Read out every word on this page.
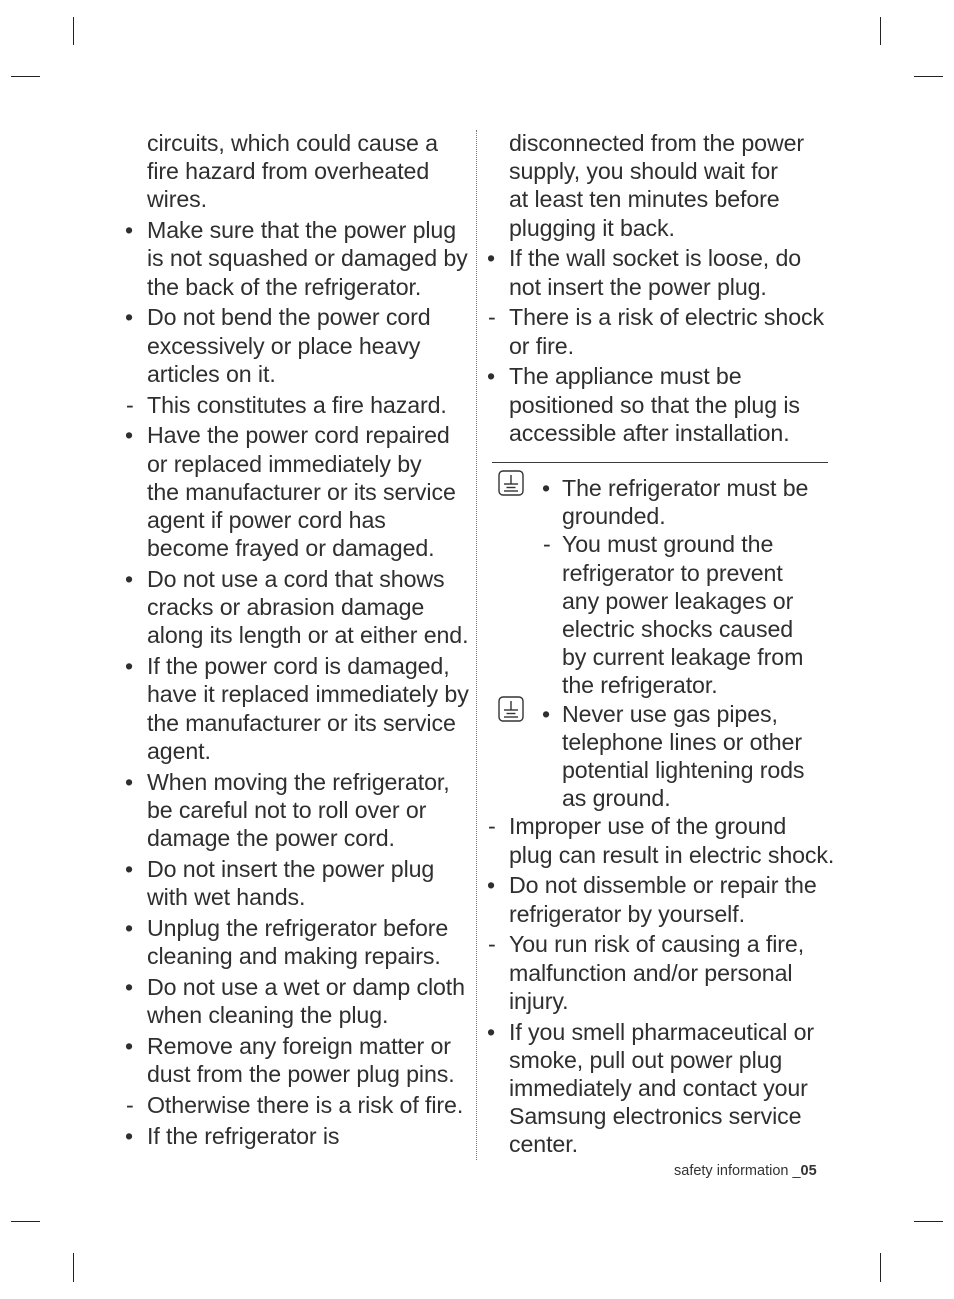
circuits, which could cause a
fire hazard from overheated
wires.
• Make sure that the power plug
is not squashed or damaged by
the back of the refrigerator.
• Do not bend the power cord
excessively or place heavy
articles on it.
- This constitutes a fire hazard.
• Have the power cord repaired
or replaced immediately by
the manufacturer or its service
agent if power cord has
become frayed or damaged.
• Do not use a cord that shows
cracks or abrasion damage
along its length or at either end.
• If the power cord is damaged,
have it replaced immediately by
the manufacturer or its service
agent.
• When moving the refrigerator,
be careful not to roll over or
damage the power cord.
• Do not insert the power plug
with wet hands.
• Unplug the refrigerator before
cleaning and making repairs.
• Do not use a wet or damp cloth
when cleaning the plug.
• Remove any foreign matter or
dust from the power plug pins.
- Otherwise there is a risk of fire.
• If the refrigerator is
disconnected from the power
supply, you should wait for
at least ten minutes before
plugging it back.
• If the wall socket is loose, do
not insert the power plug.
- There is a risk of electric shock
or fire.
• The appliance must be
positioned so that the plug is
accessible after installation.
• The refrigerator must be
grounded.
- You must ground the
refrigerator to prevent
any power leakages or
electric shocks caused
by current leakage from
the refrigerator.
• Never use gas pipes,
telephone lines or other
potential lightening rods
as ground.
- Improper use of the ground
plug can result in electric shock.
• Do not dissemble or repair the
refrigerator by yourself.
- You run risk of causing a fire,
malfunction and/or personal
injury.
• If you smell pharmaceutical or
smoke, pull out power plug
immediately and contact your
Samsung electronics service
center.
safety information _05
